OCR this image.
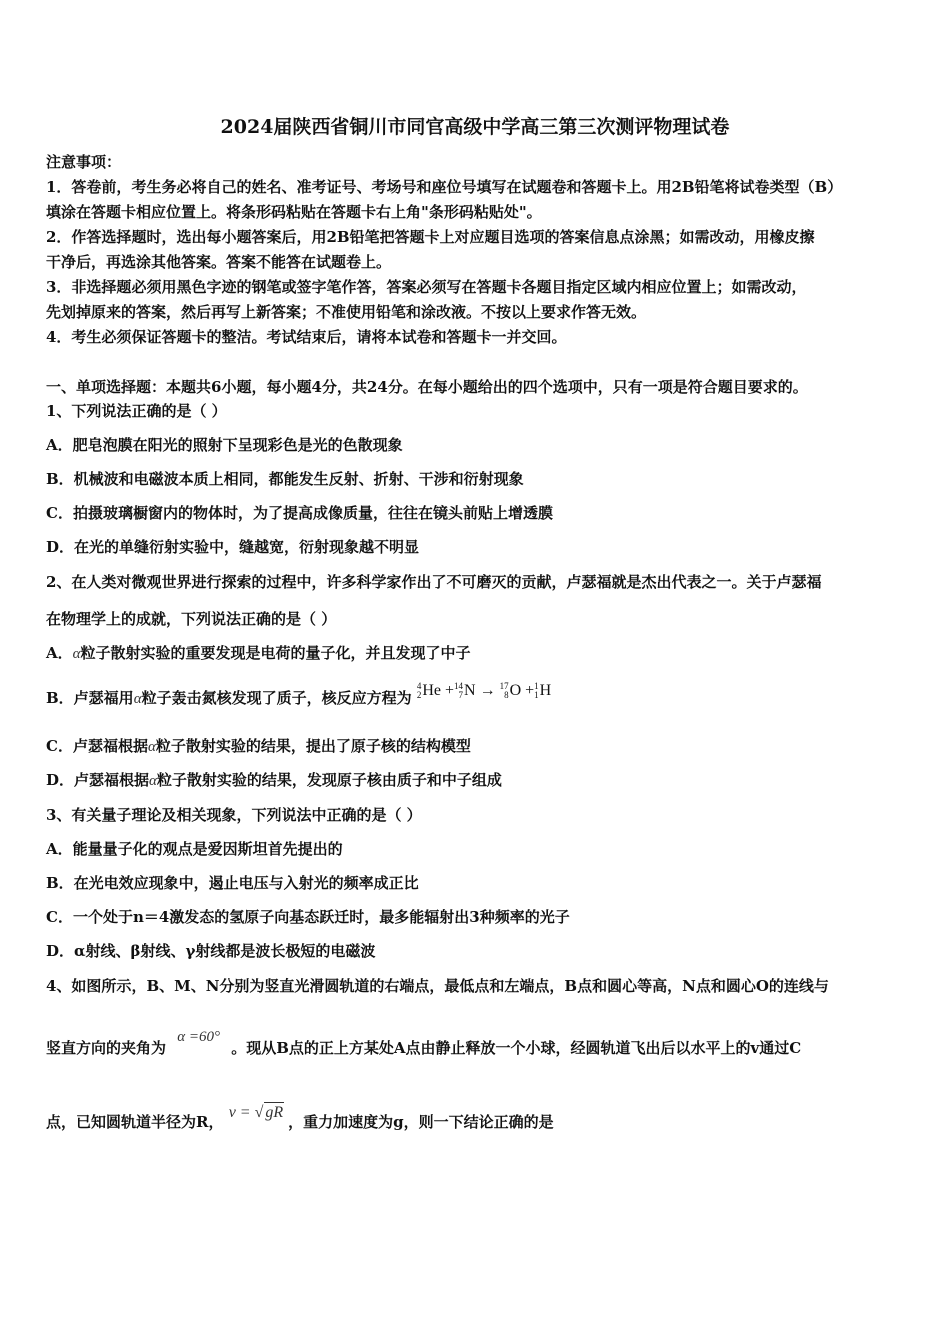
2024届陕西省铜川市同官高级中学高三第三次测评物理试卷
注意事项：
1．答卷前，考生务必将自己的姓名、准考证号、考场号和座位号填写在试题卷和答题卡上。用2B铅笔将试卷类型（B）
填涂在答题卡相应位置上。将条形码粘贴在答题卡右上角"条形码粘贴处"。
2．作答选择题时，选出每小题答案后，用2B铅笔把答题卡上对应题目选项的答案信息点涂黑；如需改动，用橡皮擦
干净后，再选涂其他答案。答案不能答在试题卷上。
3．非选择题必须用黑色字迹的钢笔或签字笔作答，答案必须写在答题卡各题目指定区域内相应位置上；如需改动，
先划掉原来的答案，然后再写上新答案；不准使用铅笔和涂改液。不按以上要求作答无效。
4．考生必须保证答题卡的整洁。考试结束后，请将本试卷和答题卡一并交回。
一、单项选择题：本题共6小题，每小题4分，共24分。在每小题给出的四个选项中，只有一项是符合题目要求的。
1、下列说法正确的是（ ）
A．肥皂泡膜在阳光的照射下呈现彩色是光的色散现象
B．机械波和电磁波本质上相同，都能发生反射、折射、干涉和衍射现象
C．拍摄玻璃橱窗内的物体时，为了提高成像质量，往往在镜头前贴上增透膜
D．在光的单缝衍射实验中，缝越宽，衍射现象越不明显
2、在人类对微观世界进行探索的过程中，许多科学家作出了不可磨灭的贡献，卢瑟福就是杰出代表之一。关于卢瑟福
在物理学上的成就，下列说法正确的是（ ）
A．α粒子散射实验的重要发现是电荷的量子化，并且发现了中子
B．卢瑟福用α粒子轰击氮核发现了质子，核反应方程为
4
2 He + 14
7 N → 17
8 O + 1
1 H
C．卢瑟福根据α粒子散射实验的结果，提出了原子核的结构模型
D．卢瑟福根据α粒子散射实验的结果，发现原子核由质子和中子组成
3、有关量子理论及相关现象，下列说法中正确的是（ ）
A．能量量子化的观点是爱因斯坦首先提出的
B．在光电效应现象中，遏止电压与入射光的频率成正比
C．一个处于n＝4激发态的氢原子向基态跃迁时，最多能辐射出3种频率的光子
D．α射线、β射线、γ射线都是波长极短的电磁波
4、如图所示，B、M、N分别为竖直光滑圆轨道的右端点，最低点和左端点，B点和圆心等高，N点和圆心O的连线与
竖直方向的夹角为 α =60° 。现从B点的正上方某处A点由静止释放一个小球，经圆轨道飞出后以水平上的v通过C
点，已知圆轨道半径为R， v = √ gR ，重力加速度为g，则一下结论正确的是
